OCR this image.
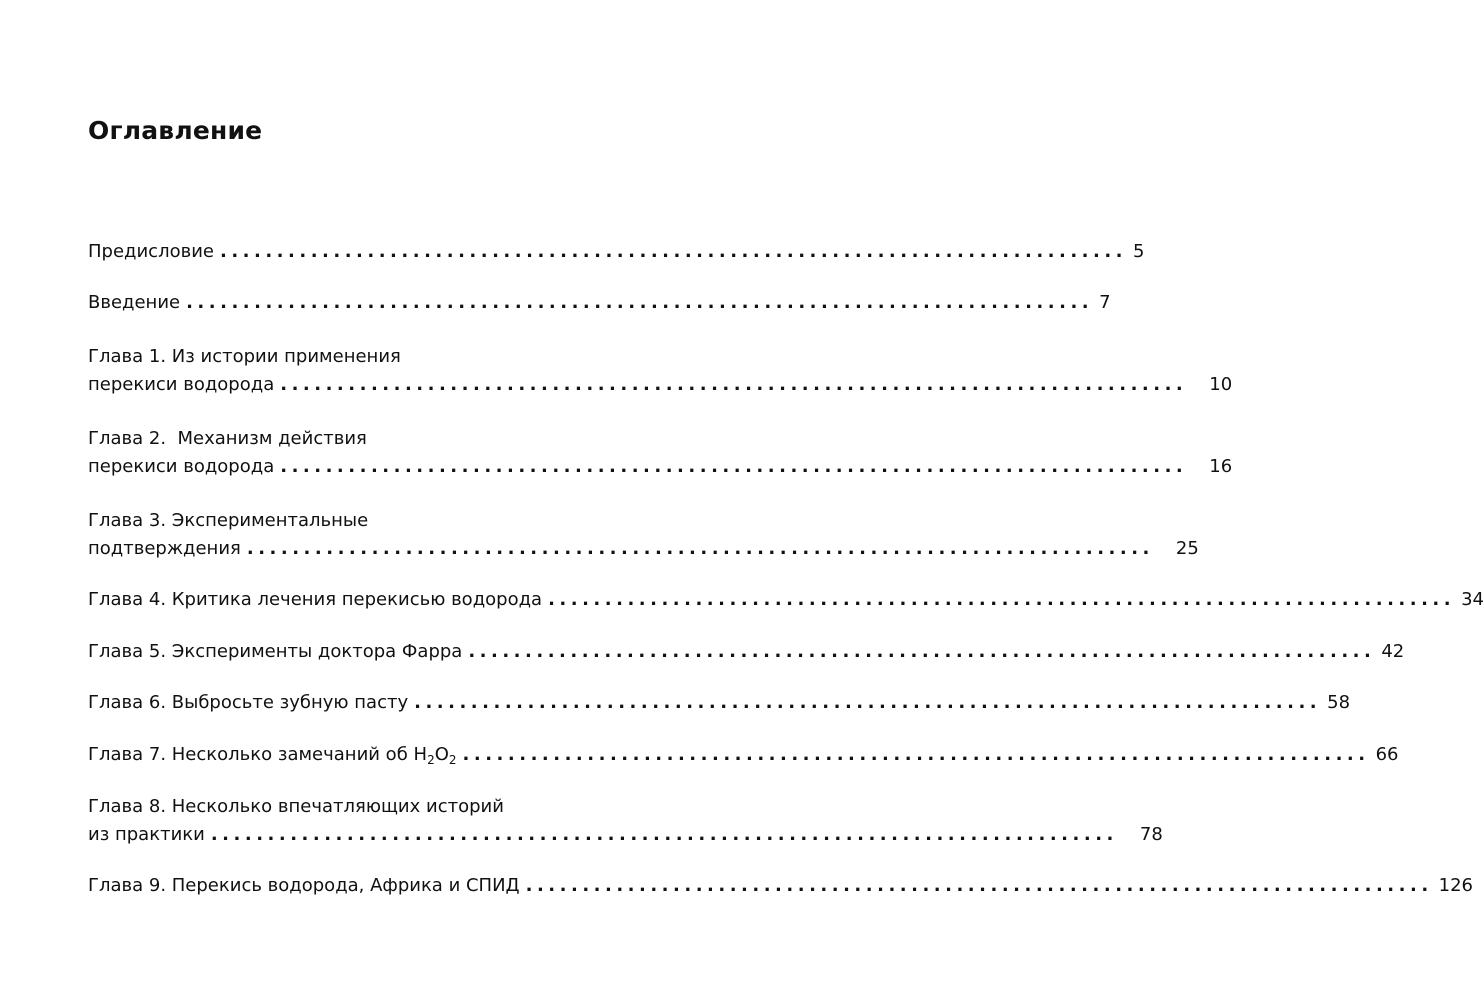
Оглавление
Предисловие ................................................................................ 5
Введение ................................................................................ 7
Глава 1. Из истории применения
перекиси водорода ................................................................................	10
Глава 2.  Механизм действия
перекиси водорода ................................................................................	16
Глава 3. Экспериментальные
подтверждения ................................................................................	25
Глава 4. Критика лечения перекисью водорода ................................................................................ 34
Глава 5. Эксперименты доктора Фарра ................................................................................ 42
Глава 6. Выбросьте зубную пасту ................................................................................ 58
Глава 7. Несколько замечаний об $H_2O_2$ ................................................................................ 66
Глава 8. Несколько впечатляющих историй
из практики ................................................................................	78
Глава 9. Перекись водорода, Африка и СПИД ................................................................................ 126
